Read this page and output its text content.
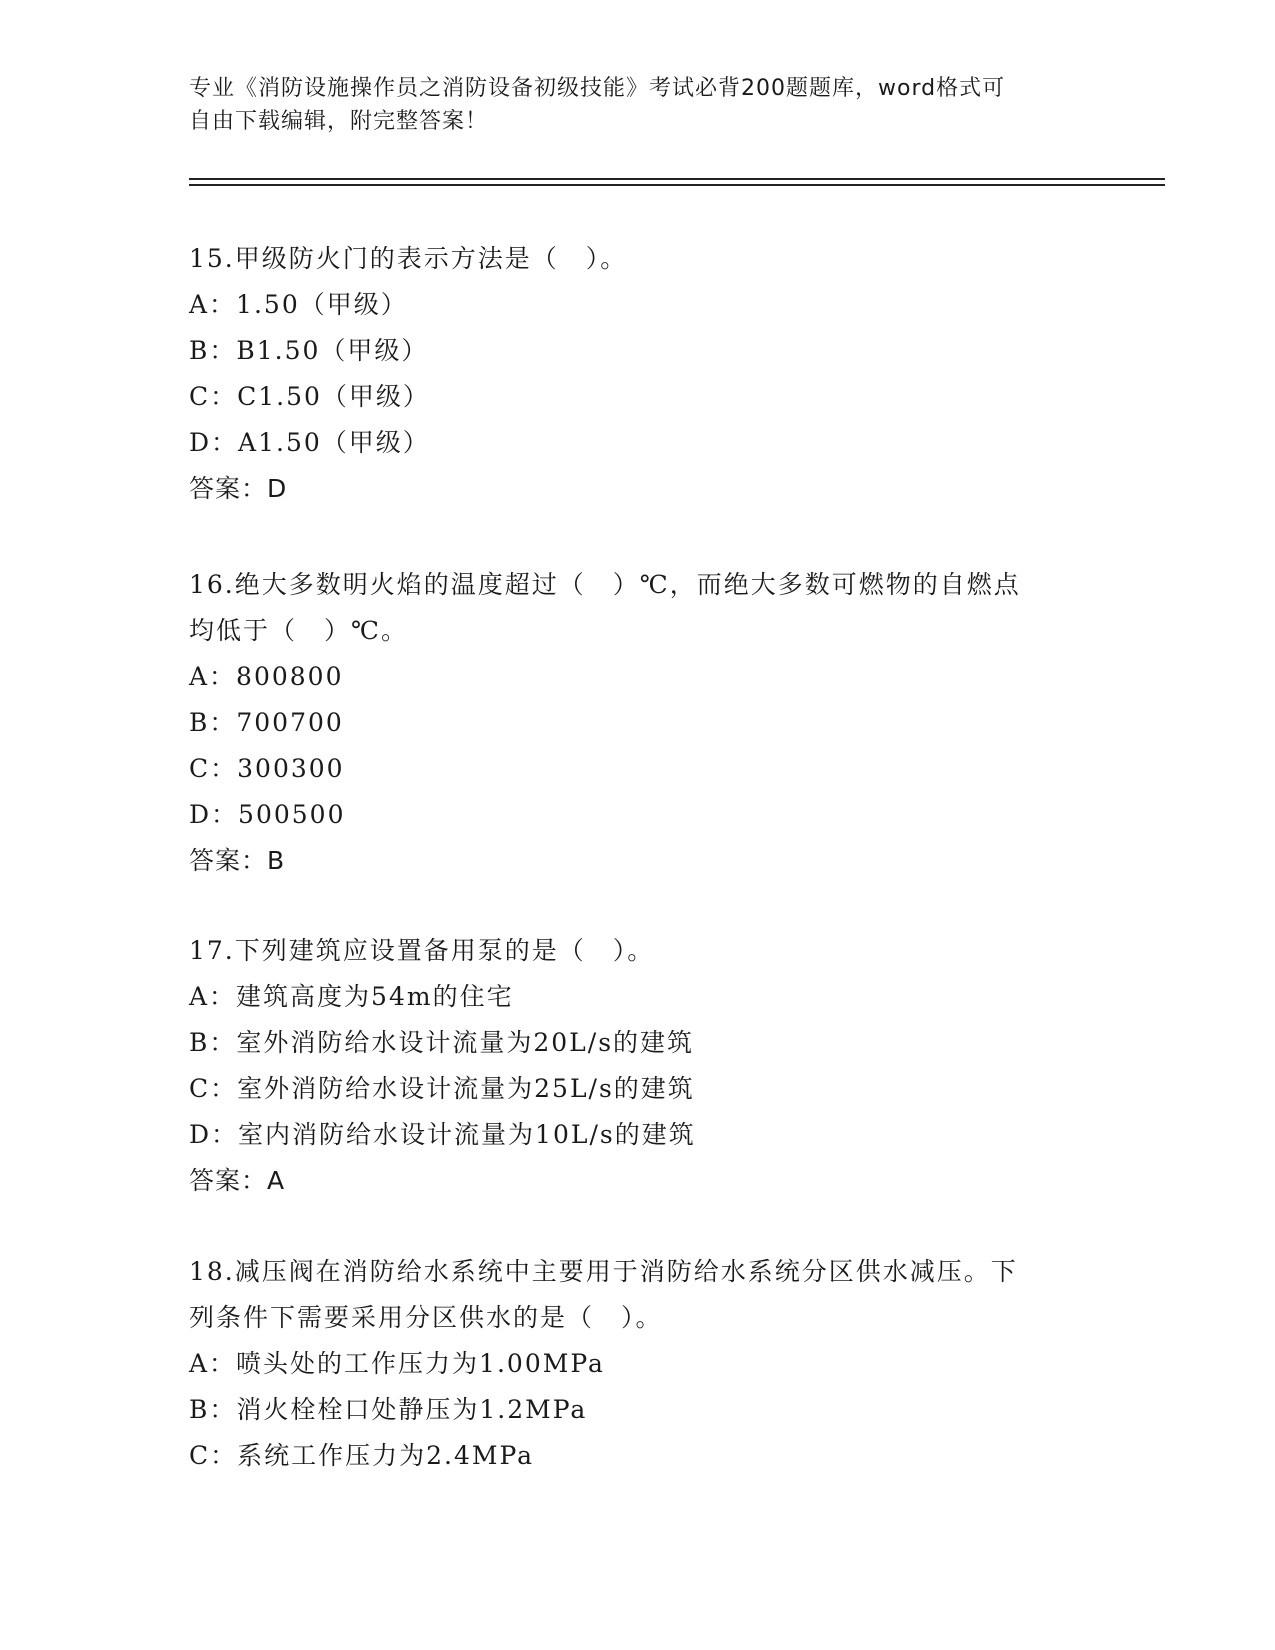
专业《消防设施操作员之消防设备初级技能》考试必背200题题库，word格式可
自由下载编辑，附完整答案！
15.甲级防火门的表示方法是（　）。
A：1.50（甲级）
B：B1.50（甲级）
C：C1.50（甲级）
D：A1.50（甲级）
答案：D
16.绝大多数明火焰的温度超过（　）℃，而绝大多数可燃物的自燃点
均低于（　）℃。
A：800800
B：700700
C：300300
D：500500
答案：B
17.下列建筑应设置备用泵的是（　）。
A：建筑高度为54m的住宅
B：室外消防给水设计流量为20L/s的建筑
C：室外消防给水设计流量为25L/s的建筑
D：室内消防给水设计流量为10L/s的建筑
答案：A
18.减压阀在消防给水系统中主要用于消防给水系统分区供水减压。下
列条件下需要采用分区供水的是（　）。
A：喷头处的工作压力为1.00MPa
B：消火栓栓口处静压为1.2MPa
C：系统工作压力为2.4MPa
